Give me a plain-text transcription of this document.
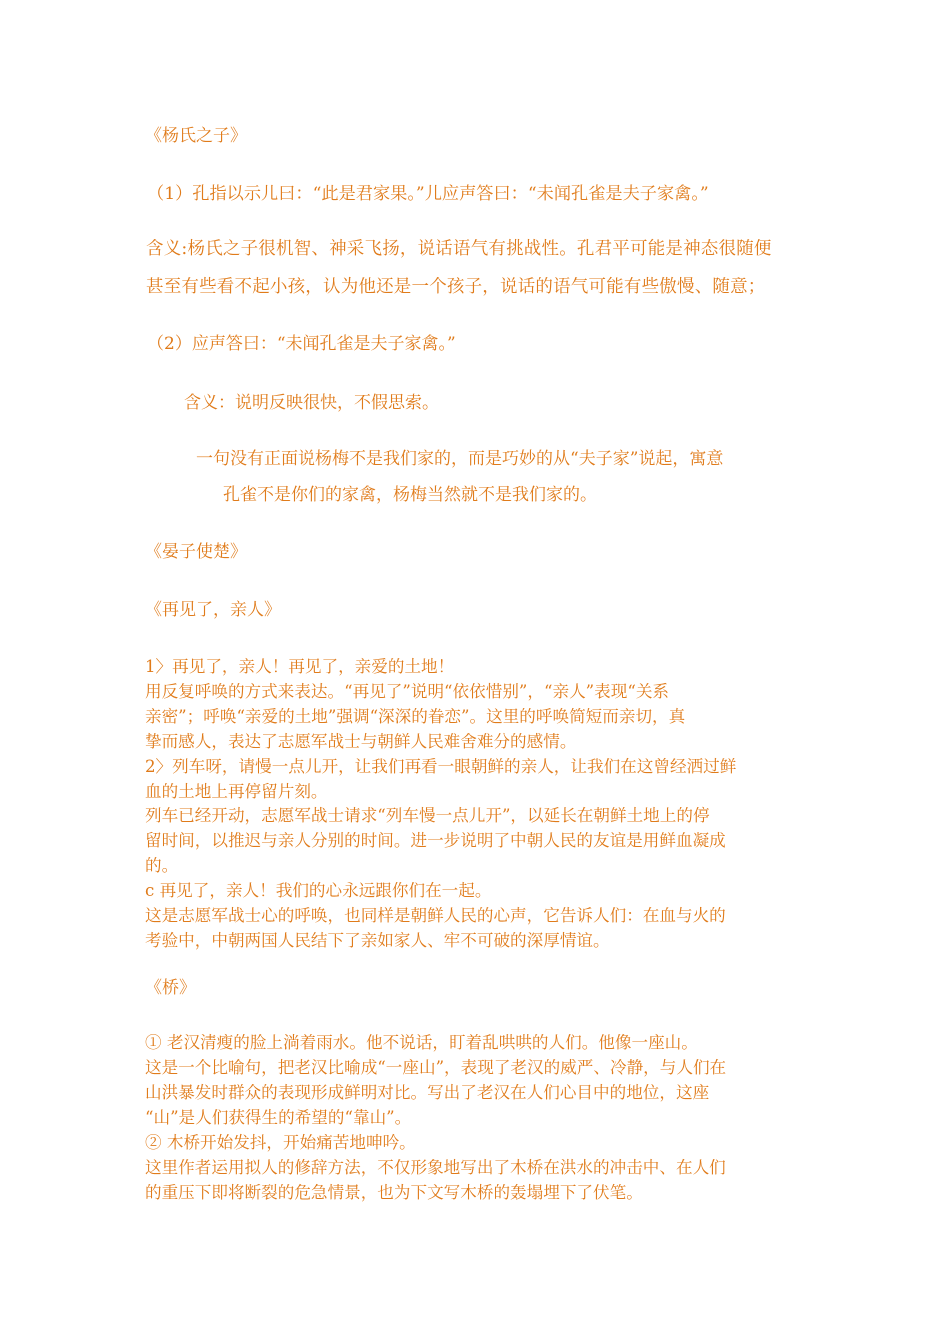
《杨氏之子》
（1）孔指以示儿曰：“此是君家果。”儿应声答曰：“未闻孔雀是夫子家禽。”
含义:杨氏之子很机智、神采飞扬，说话语气有挑战性。孔君平可能是神态很随便
甚至有些看不起小孩，认为他还是一个孩子，说话的语气可能有些傲慢、随意；
（2）应声答曰：“未闻孔雀是夫子家禽。”
含义：说明反映很快，不假思索。
一句没有正面说杨梅不是我们家的，而是巧妙的从“夫子家”说起，寓意
孔雀不是你们的家禽，杨梅当然就不是我们家的。
《晏子使楚》
《再见了，亲人》
1〉再见了，亲人！再见了，亲爱的土地！
用反复呼唤的方式来表达。“再见了”说明“依依惜别”，“亲人”表现“关系
亲密”；呼唤“亲爱的土地”强调“深深的眷恋”。这里的呼唤简短而亲切，真
挚而感人，表达了志愿军战士与朝鲜人民难舍难分的感情。
2〉列车呀，请慢一点儿开，让我们再看一眼朝鲜的亲人，让我们在这曾经洒过鲜
血的土地上再停留片刻。
列车已经开动，志愿军战士请求“列车慢一点儿开”，以延长在朝鲜土地上的停
留时间，以推迟与亲人分别的时间。进一步说明了中朝人民的友谊是用鲜血凝成
的。
c 再见了，亲人！我们的心永远跟你们在一起。
这是志愿军战士心的呼唤，也同样是朝鲜人民的心声，它告诉人们：在血与火的
考验中，中朝两国人民结下了亲如家人、牢不可破的深厚情谊。
《桥》
① 老汉清瘦的脸上淌着雨水。他不说话，盯着乱哄哄的人们。他像一座山。
这是一个比喻句，把老汉比喻成“一座山”，表现了老汉的威严、冷静，与人们在
山洪暴发时群众的表现形成鲜明对比。写出了老汉在人们心目中的地位，这座
“山”是人们获得生的希望的“靠山”。
② 木桥开始发抖，开始痛苦地呻吟。
这里作者运用拟人的修辞方法，不仅形象地写出了木桥在洪水的冲击中、在人们
的重压下即将断裂的危急情景，也为下文写木桥的轰塌埋下了伏笔。
